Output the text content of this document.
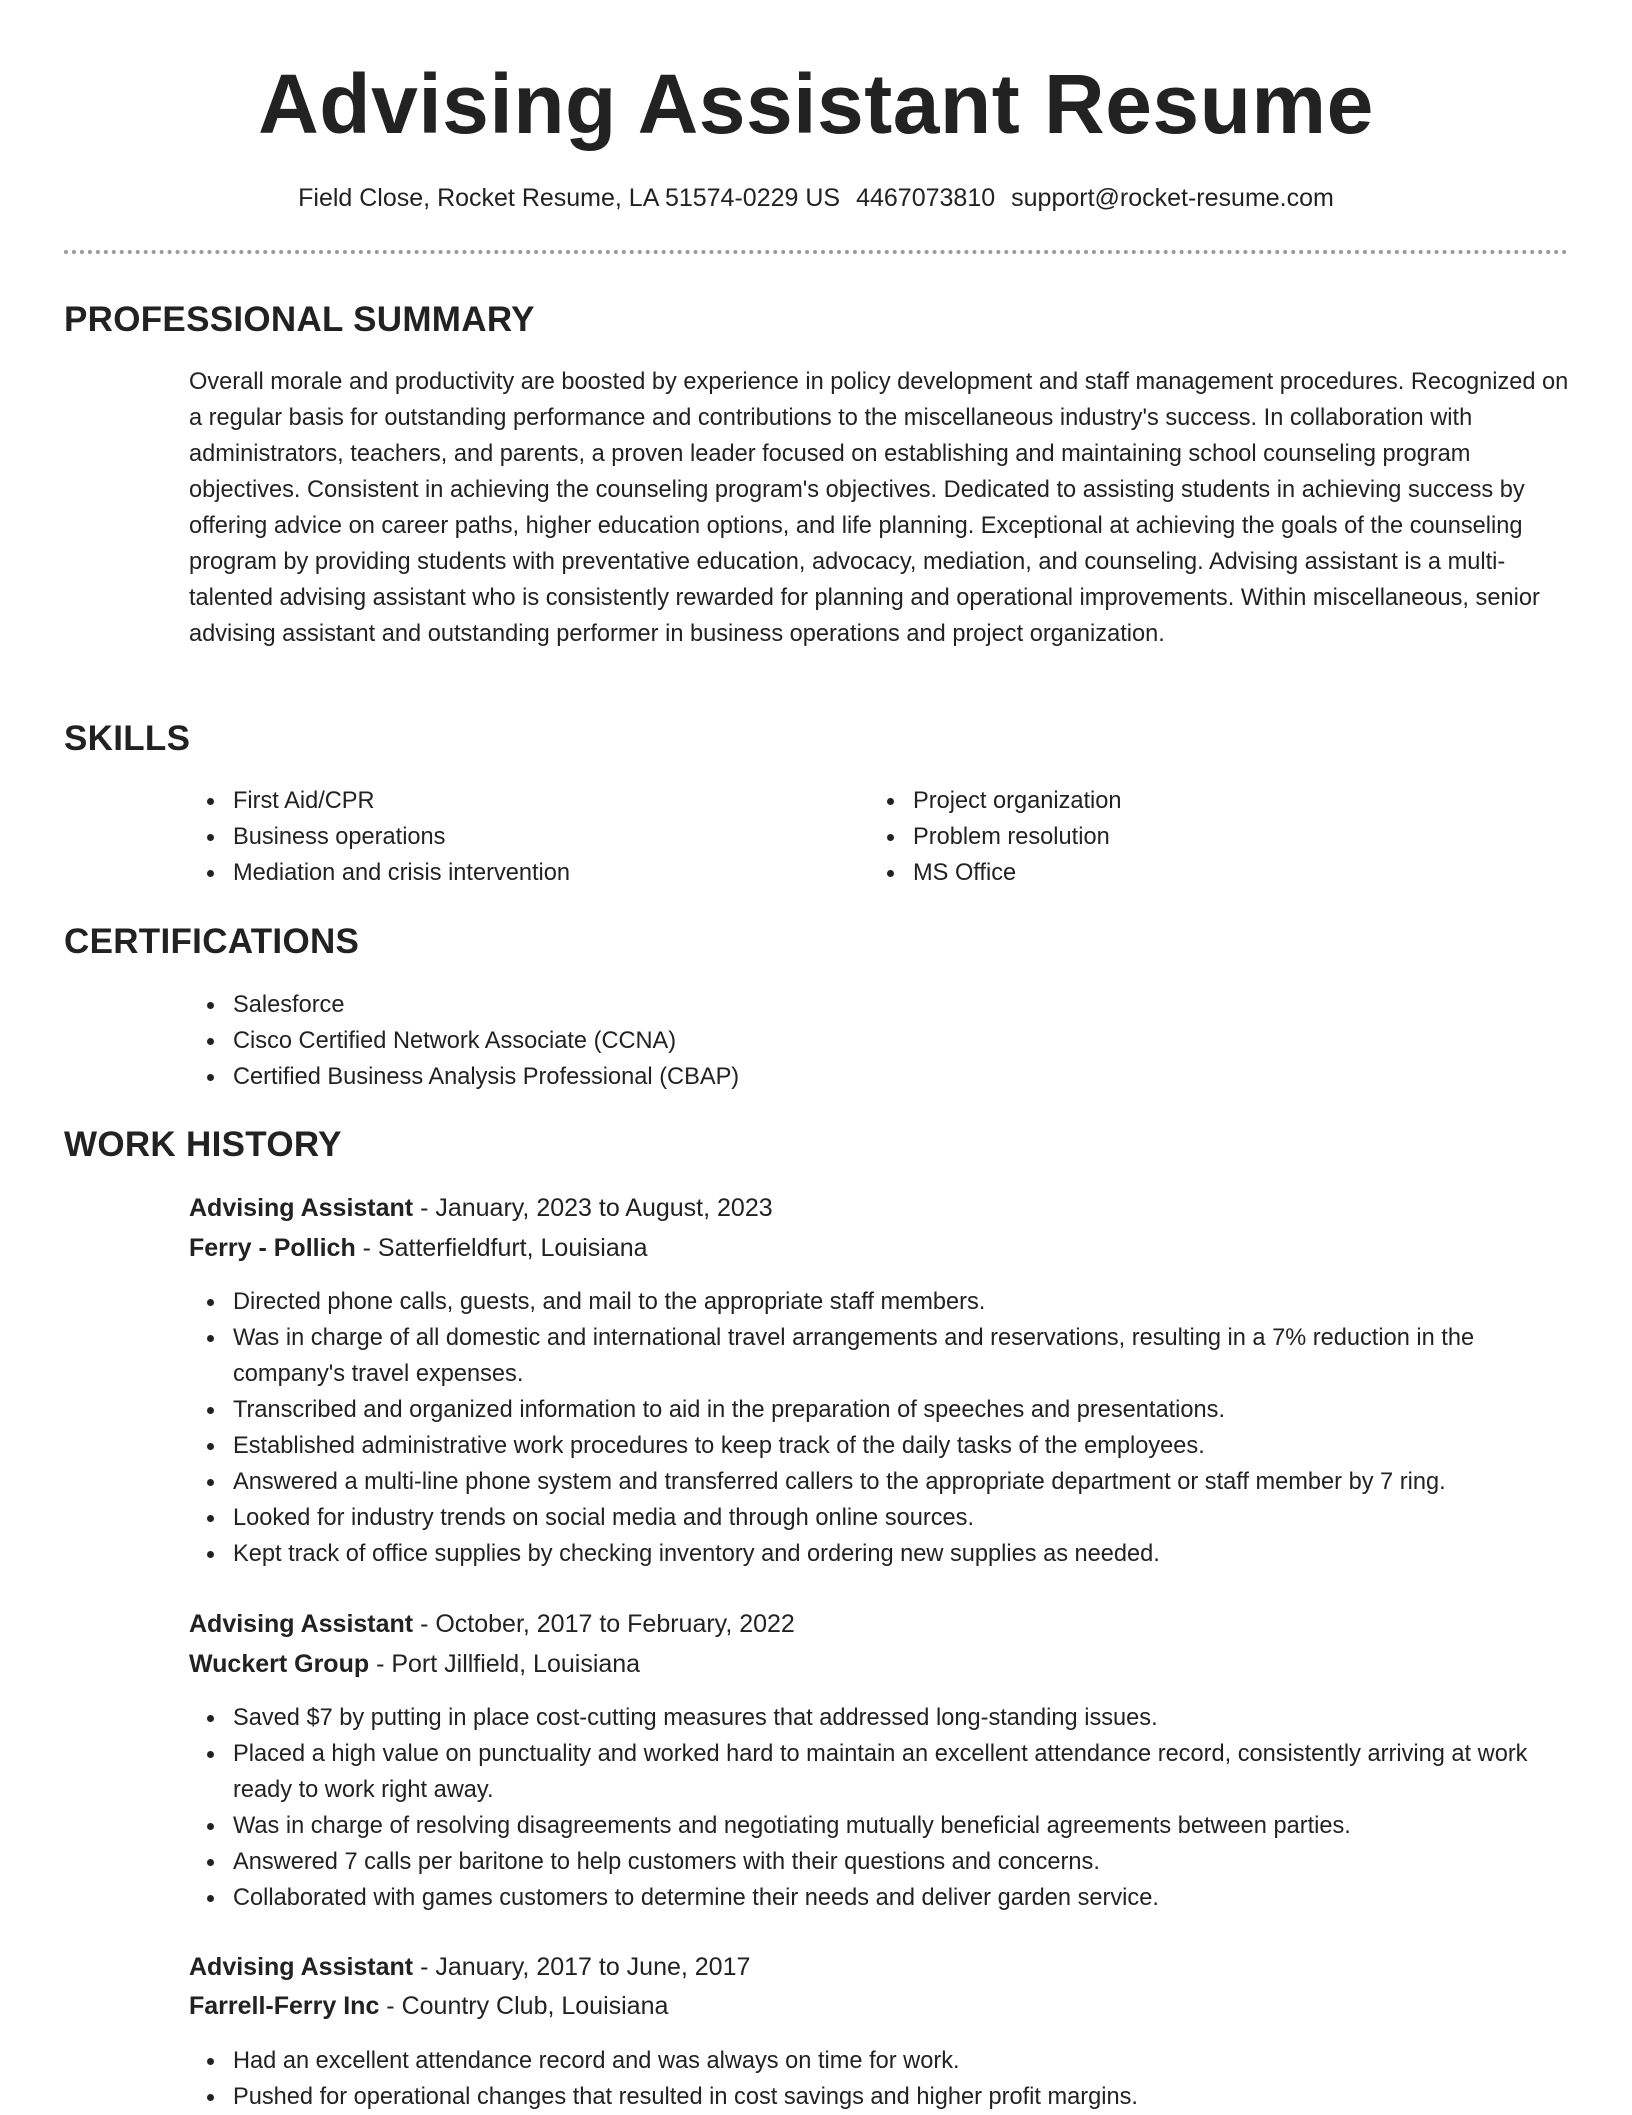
Advising Assistant Resume
Field Close, Rocket Resume, LA 51574-0229 US 4467073810 support@rocket-resume.com
PROFESSIONAL SUMMARY

Overall morale and productivity are boosted by experience in policy development and staff management procedures. Recognized on a regular basis for outstanding performance and contributions to the miscellaneous industry's success. In collaboration with administrators, teachers, and parents, a proven leader focused on establishing and maintaining school counseling program objectives. Consistent in achieving the counseling program's objectives. Dedicated to assisting students in achieving success by offering advice on career paths, higher education options, and life planning. Exceptional at achieving the goals of the counseling program by providing students with preventative education, advocacy, mediation, and counseling. Advising assistant is a multi-talented advising assistant who is consistently rewarded for planning and operational improvements. Within miscellaneous, senior advising assistant and outstanding performer in business operations and project organization.

SKILLS
First Aid/CPR
Business operations
Mediation and crisis intervention
Project organization
Problem resolution
MS Office
CERTIFICATIONS
Salesforce
Cisco Certified Network Associate (CCNA)
Certified Business Analysis Professional (CBAP)
WORK HISTORY
Advising Assistant - January, 2023 to August, 2023
Ferry - Pollich - Satterfieldfurt, Louisiana
Directed phone calls, guests, and mail to the appropriate staff members.
Was in charge of all domestic and international travel arrangements and reservations, resulting in a 7% reduction in the company's travel expenses.
Transcribed and organized information to aid in the preparation of speeches and presentations.
Established administrative work procedures to keep track of the daily tasks of the employees.
Answered a multi-line phone system and transferred callers to the appropriate department or staff member by 7 ring.
Looked for industry trends on social media and through online sources.
Kept track of office supplies by checking inventory and ordering new supplies as needed.
Advising Assistant - October, 2017 to February, 2022
Wuckert Group - Port Jillfield, Louisiana
Saved $7 by putting in place cost-cutting measures that addressed long-standing issues.
Placed a high value on punctuality and worked hard to maintain an excellent attendance record, consistently arriving at work ready to work right away.
Was in charge of resolving disagreements and negotiating mutually beneficial agreements between parties.
Answered 7 calls per baritone to help customers with their questions and concerns.
Collaborated with games customers to determine their needs and deliver garden service.
Advising Assistant - January, 2017 to June, 2017
Farrell-Ferry Inc - Country Club, Louisiana
Had an excellent attendance record and was always on time for work.
Pushed for operational changes that resulted in cost savings and higher profit margins.
